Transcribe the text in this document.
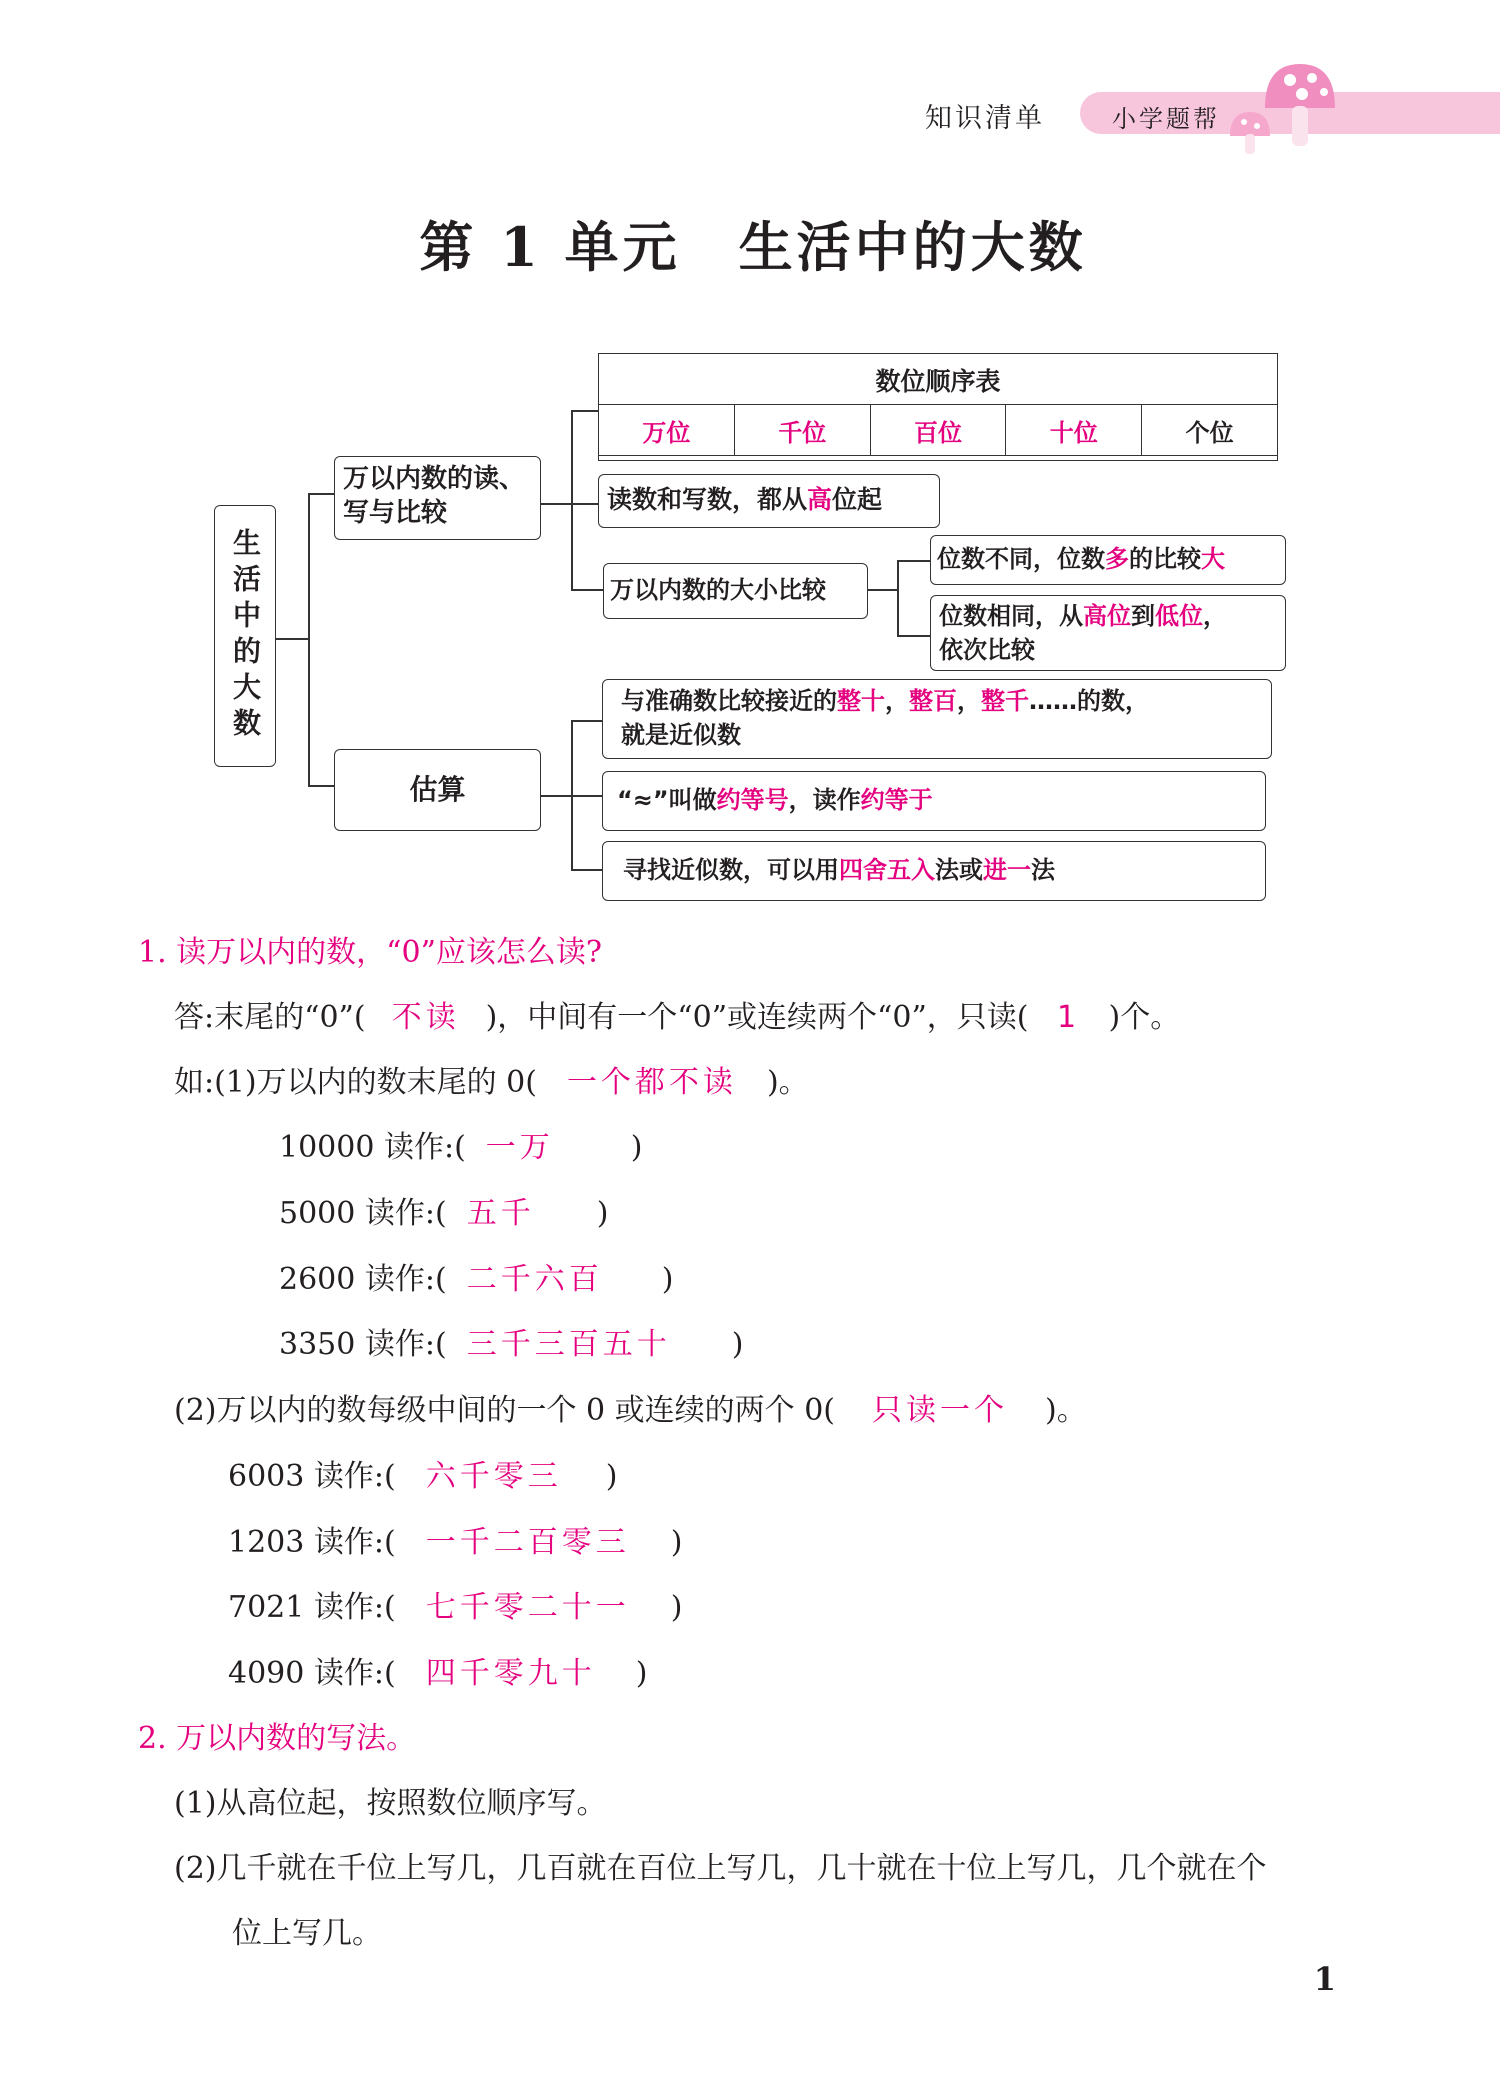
知识清单	小学题帮
第 1 单元　生活中的大数
生活中的大数
万以内数的读、
写与比较
数位顺序表
万位	千位	百位	十位	个位
读数和写数，都从高位起
万以内数的大小比较
位数不同，位数多的比较大
位数相同，从高位到低位，
依次比较
估算
与准确数比较接近的整十，整百，整千……的数，
就是近似数
“≈”叫做约等号，读作约等于
寻找近似数，可以用四舍五入法或进一法
1. 读万以内的数，“0”应该怎么读?
答:末尾的“0”( 不读 )，中间有一个“0”或连续两个“0”，只读( 1 )个。
如:(1)万以内的数末尾的 0( 一个都不读 )。
10000 读作:( 一万	)
5000 读作:( 五千 )
2600 读作:( 二千六百 )
3350 读作:( 三千三百五十 )
(2)万以内的数每级中间的一个 0 或连续的两个 0( 只读一个 )。
6003 读作:( 六千零三 )
1203 读作:( 一千二百零三 )
7021 读作:( 七千零二十一 )
4090 读作:( 四千零九十 )
2. 万以内数的写法。
(1)从高位起，按照数位顺序写。
(2)几千就在千位上写几，几百就在百位上写几，几十就在十位上写几，几个就在个
位上写几。
1
